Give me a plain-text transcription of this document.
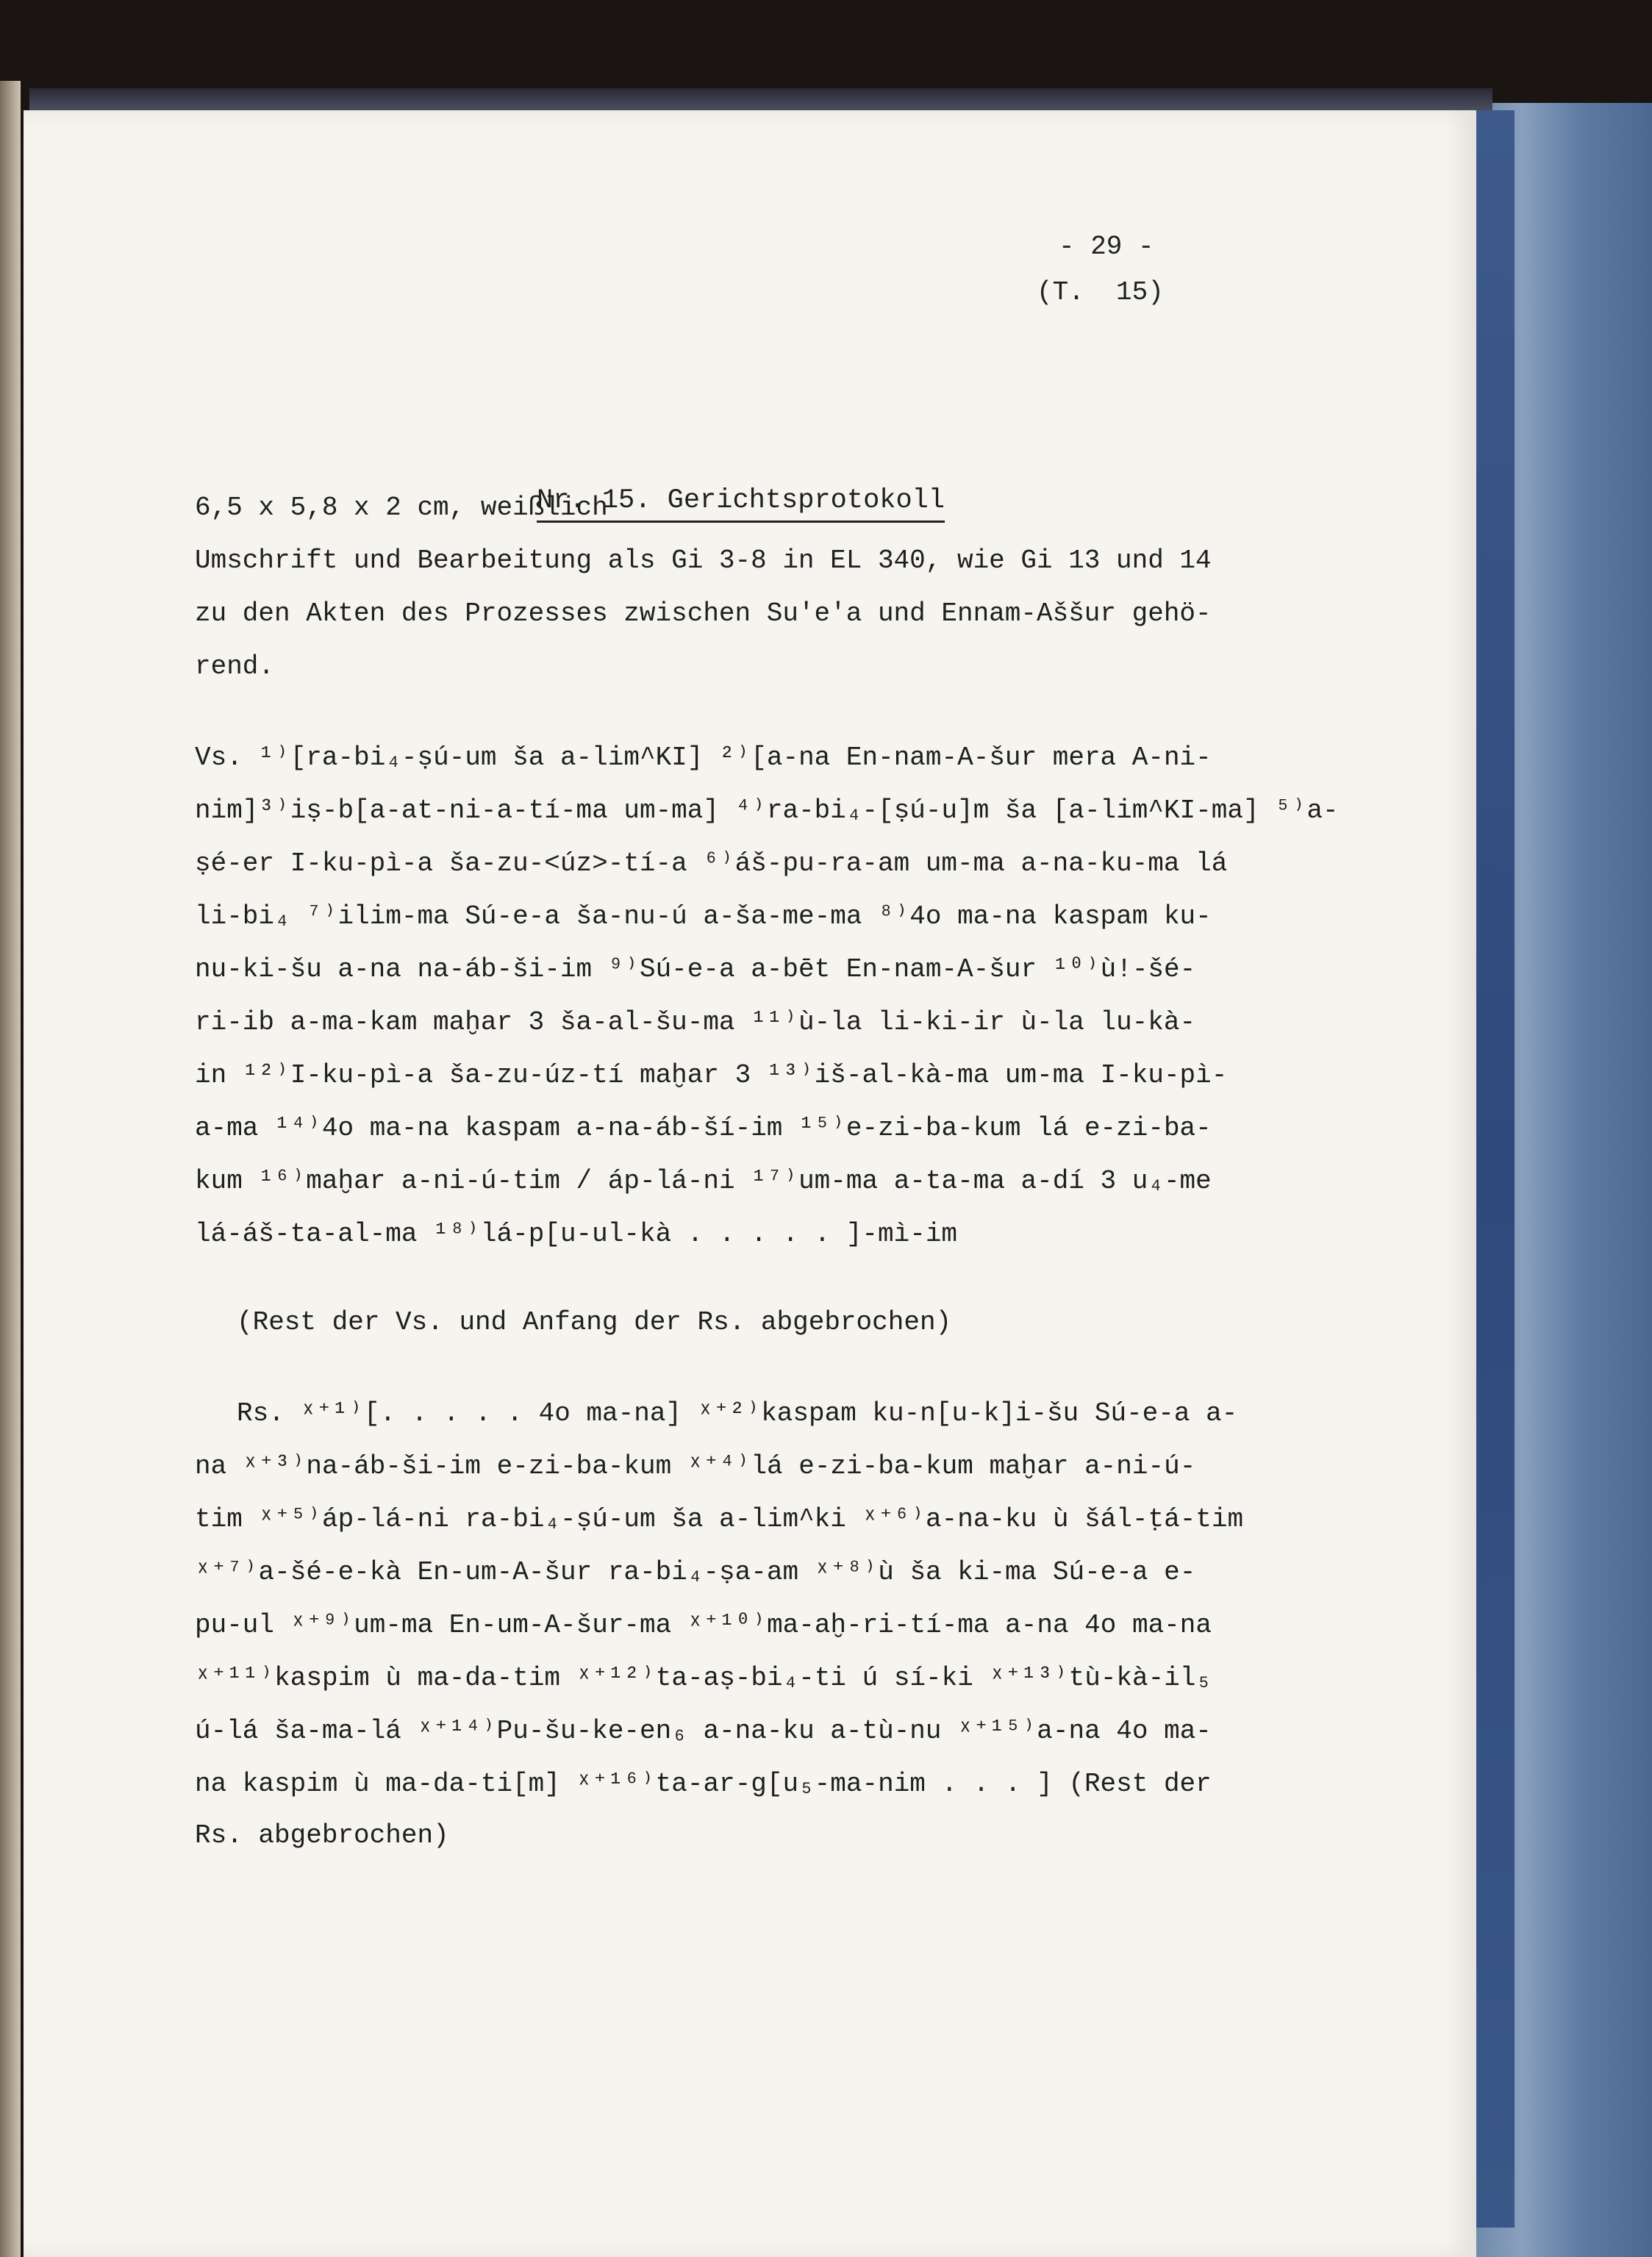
- 29 -
(T.  15)
Nr. 15. Gerichtsprotokoll
6,5 x 5,8 x 2 cm, weißlich
Umschrift und Bearbeitung als Gi 3-8 in EL 340, wie Gi 13 und 14
zu den Akten des Prozesses zwischen Su'e'a und Ennam-Aššur gehö-
rend.
Vs. ¹⁾[ra-bi₄-ṣú-um ša a-lim^KI] ²⁾[a-na En-nam-A-šur mera A-ni-
nim]³⁾iṣ-b[a-at-ni-a-tí-ma um-ma] ⁴⁾ra-bi₄-[ṣú-u]m ša [a-lim^KI-ma] ⁵⁾a-
ṣé-er I-ku-pì-a ša-zu-<úz>-tí-a ⁶⁾áš-pu-ra-am um-ma a-na-ku-ma lá
li-bi₄ ⁷⁾ilim-ma Sú-e-a ša-nu-ú a-ša-me-ma ⁸⁾4o ma-na kaspam ku-
nu-ki-šu a-na na-áb-ši-im ⁹⁾Sú-e-a a-bēt En-nam-A-šur ¹⁰⁾ù!-šé-
ri-ib a-ma-kam maḫar 3 ša-al-šu-ma ¹¹⁾ù-la li-ki-ir ù-la lu-kà-
in ¹²⁾I-ku-pì-a ša-zu-úz-tí maḫar 3 ¹³⁾iš-al-kà-ma um-ma I-ku-pì-
a-ma ¹⁴⁾4o ma-na kaspam a-na-áb-ší-im ¹⁵⁾e-zi-ba-kum lá e-zi-ba-
kum ¹⁶⁾maḫar a-ni-ú-tim / áp-lá-ni ¹⁷⁾um-ma a-ta-ma a-dí 3 u₄-me
lá-áš-ta-al-ma ¹⁸⁾lá-p[u-ul-kà . . . . . ]-mì-im
(Rest der Vs. und Anfang der Rs. abgebrochen)
Rs. ˣ⁺¹⁾[. . . . . 4o ma-na] ˣ⁺²⁾kaspam ku-n[u-k]i-šu Sú-e-a a-
na ˣ⁺³⁾na-áb-ši-im e-zi-ba-kum ˣ⁺⁴⁾lá e-zi-ba-kum maḫar a-ni-ú-
tim ˣ⁺⁵⁾áp-lá-ni ra-bi₄-ṣú-um ša a-lim^ki ˣ⁺⁶⁾a-na-ku ù šál-ṭá-tim
ˣ⁺⁷⁾a-šé-e-kà En-um-A-šur ra-bi₄-ṣa-am ˣ⁺⁸⁾ù ša ki-ma Sú-e-a e-
pu-ul ˣ⁺⁹⁾um-ma En-um-A-šur-ma ˣ⁺¹⁰⁾ma-aḫ-ri-tí-ma a-na 4o ma-na
ˣ⁺¹¹⁾kaspim ù ma-da-tim ˣ⁺¹²⁾ta-aṣ-bi₄-ti ú sí-ki ˣ⁺¹³⁾tù-kà-il₅
ú-lá ša-ma-lá ˣ⁺¹⁴⁾Pu-šu-ke-en₆ a-na-ku a-tù-nu ˣ⁺¹⁵⁾a-na 4o ma-
na kaspim ù ma-da-ti[m] ˣ⁺¹⁶⁾ta-ar-g[u₅-ma-nim . . . ] (Rest der
Rs. abgebrochen)
